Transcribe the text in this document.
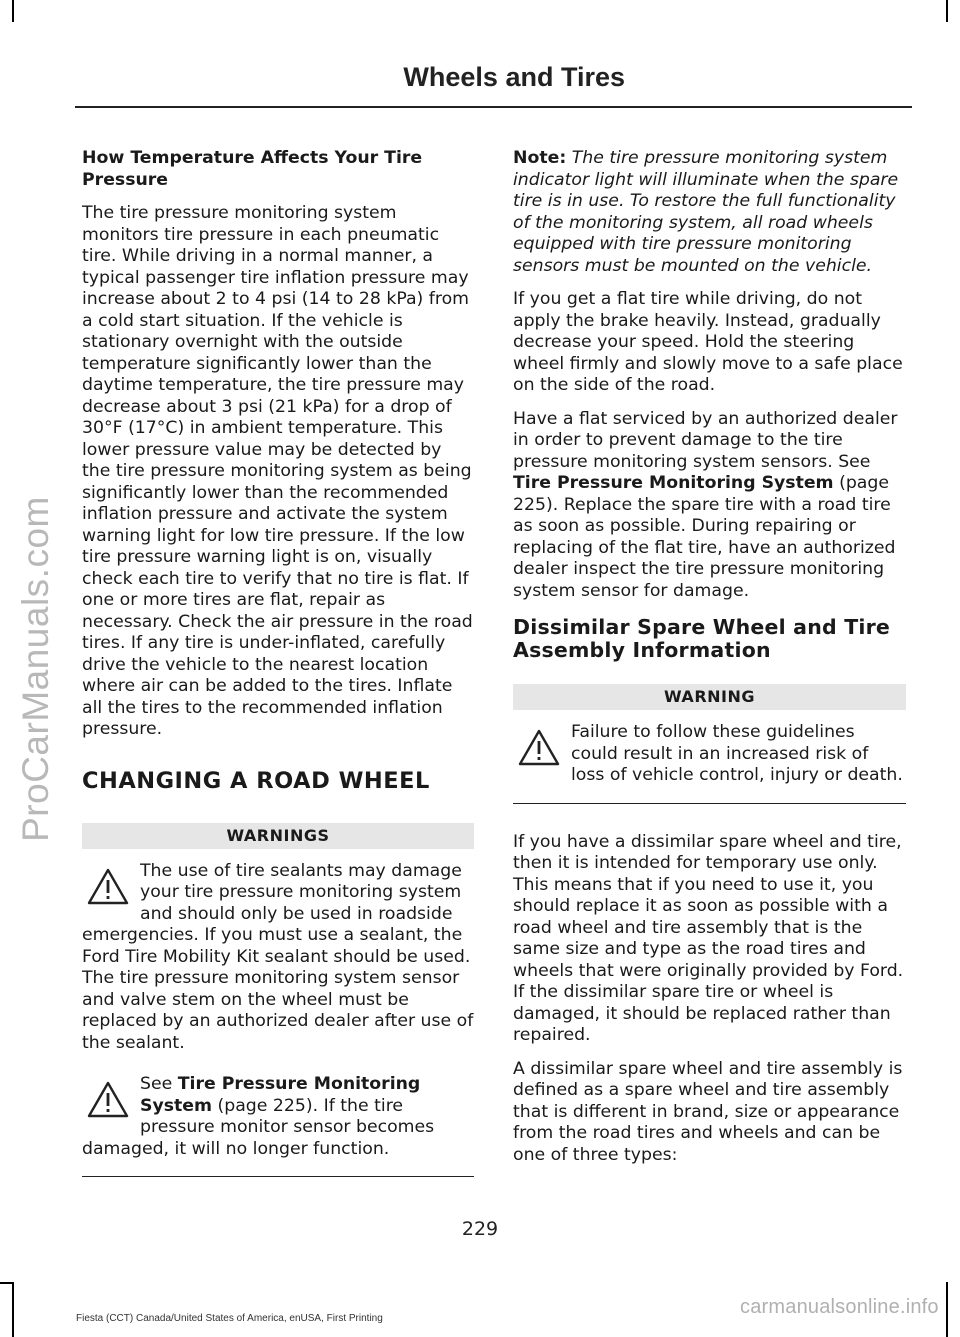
ProCarManuals.com
Wheels and Tires
How Temperature Affects Your Tire Pressure

The tire pressure monitoring system monitors tire pressure in each pneumatic tire. While driving in a normal manner, a typical passenger tire inflation pressure may increase about 2 to 4 psi (14 to 28 kPa) from a cold start situation. If the vehicle is stationary overnight with the outside temperature significantly lower than the daytime temperature, the tire pressure may decrease about 3 psi (21 kPa) for a drop of 30°F (17°C) in ambient temperature. This lower pressure value may be detected by the tire pressure monitoring system as being significantly lower than the recommended inflation pressure and activate the system warning light for low tire pressure. If the low tire pressure warning light is on, visually check each tire to verify that no tire is flat. If one or more tires are flat, repair as necessary. Check the air pressure in the road tires. If any tire is under-inflated, carefully drive the vehicle to the nearest location where air can be added to the tires. Inflate all the tires to the recommended inflation pressure.

CHANGING A ROAD WHEEL
WARNINGS

The use of tire sealants may damage your tire pressure monitoring system and should only be used in roadside emergencies. If you must use a sealant, the Ford Tire Mobility Kit sealant should be used. The tire pressure monitoring system sensor and valve stem on the wheel must be replaced by an authorized dealer after use of the sealant.

See Tire Pressure Monitoring System (page 225). If the tire pressure monitor sensor becomes damaged, it will no longer function.

Note: The tire pressure monitoring system indicator light will illuminate when the spare tire is in use. To restore the full functionality of the monitoring system, all road wheels equipped with tire pressure monitoring sensors must be mounted on the vehicle.

If you get a flat tire while driving, do not apply the brake heavily. Instead, gradually decrease your speed. Hold the steering wheel firmly and slowly move to a safe place on the side of the road.

Have a flat serviced by an authorized dealer in order to prevent damage to the tire pressure monitoring system sensors. See Tire Pressure Monitoring System (page 225). Replace the spare tire with a road tire as soon as possible. During repairing or replacing of the flat tire, have an authorized dealer inspect the tire pressure monitoring system sensor for damage.

Dissimilar Spare Wheel and Tire Assembly Information
WARNING

Failure to follow these guidelines could result in an increased risk of loss of vehicle control, injury or death.

If you have a dissimilar spare wheel and tire, then it is intended for temporary use only. This means that if you need to use it, you should replace it as soon as possible with a road wheel and tire assembly that is the same size and type as the road tires and wheels that were originally provided by Ford. If the dissimilar spare tire or wheel is damaged, it should be replaced rather than repaired.

A dissimilar spare wheel and tire assembly is defined as a spare wheel and tire assembly that is different in brand, size or appearance from the road tires and wheels and can be one of three types:

229
Fiesta (CCT) Canada/United States of America, enUSA, First Printing
carmanualsonline.info
